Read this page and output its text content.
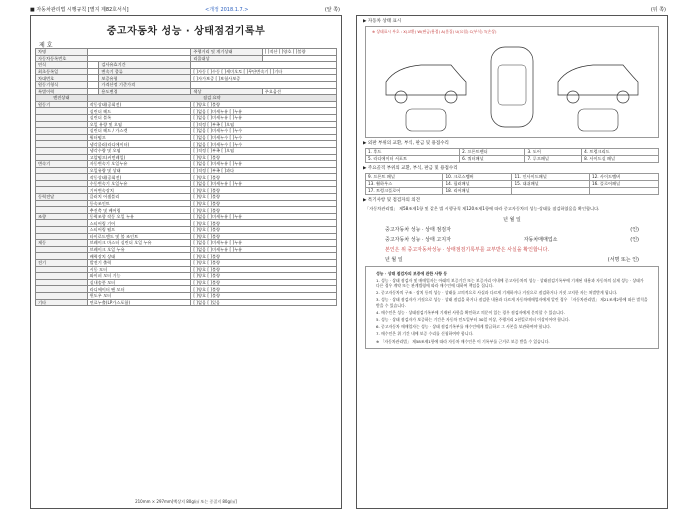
■ 자동차관리법 시행규칙 [별지 제82호서식]	<개정 2018.1.7.>	(앞 쪽)	(뒤 쪽)
중고자동차 성능 · 상태점검기록부
제 호
차명			주행거리 및 계기상태	[ ]적산 [ ]양호 [ ]불량
자동차등록번호			리콜대상	
연식		검사유효기간		
최초등록일		변속기 종류	[ ]자동 [ ]수동 [ ]세미오토 [ ]무단변속기 [ ]기타	
차대번호		보증유형	[ ]자가보증 [ ]보험사보증	
원동기형식		가격산정 기준가격		
특별이력		용도변경	색상	주요옵션
엔진상태	점검 요약			
원동기	작동상태(공회전)		[ ]양호 [ ]불량	
	실린더 헤드		[ ]없음 [ ]미세누유 [ ]누유	
	실린더 블록		[ ]없음 [ ]미세누유 [ ]누유	
	오일 유량 및 오염		[ ]적정 [ ]부족 [ ]오염	
	실린더 헤드 / 가스켓		[ ]없음 [ ]미세누수 [ ]누수	
	워터펌프		[ ]없음 [ ]미세누수 [ ]누수	
	냉각쿨러(라디에이터)		[ ]없음 [ ]미세누수 [ ]누수	
	냉각수량 및 오염		[ ]적정 [ ]부족 [ ]오염	
	고압펌프(커먼레일)		[ ]양호 [ ]불량	
변속기	자동변속기 오일누유		[ ]없음 [ ]미세누유 [ ]누유	
	오일유량 및 상태		[ ]적정 [ ]부족 [ ]과다	
	작동상태(공회전)		[ ]양호 [ ]불량	
	수동변속기 오일누유		[ ]없음 [ ]미세누유 [ ]누유	
	기어변속장치		[ ]양호 [ ]불량	
동력전달	클러치 어셈블리		[ ]양호 [ ]불량	
	등속조인트		[ ]양호 [ ]불량	
	추진축 및 베어링		[ ]양호 [ ]불량	
조향	동력조향 작동 오일 누유		[ ]없음 [ ]미세누유 [ ]누유	
	스티어링 기어		[ ]양호 [ ]불량	
	스티어링 펌프		[ ]양호 [ ]불량	
	타이로드엔드 및 볼 조인트		[ ]양호 [ ]불량	
제동	브레이크 마스터 실린더 오일 누유		[ ]없음 [ ]미세누유 [ ]누유	
	브레이크 오일 누유		[ ]없음 [ ]미세누유 [ ]누유	
	배력장치 상태		[ ]양호 [ ]불량	
전기	발전기 출력		[ ]양호 [ ]불량	
	시동 모터		[ ]양호 [ ]불량	
	와이퍼 모터 기능		[ ]양호 [ ]불량	
	실내송풍 모터		[ ]양호 [ ]불량	
	라디에이터 팬 모터		[ ]양호 [ ]불량	
	윈도우 모터		[ ]양호 [ ]불량	
기타	연료누출(LP가스포함)		[ ]없음 [ ]있음	
210mm × 297mm[백상지 80g/㎡ 또는 중질지 80g/㎡]
▶ 자동차 상태 표시
※ 상태표시 부호 : X(교환) W(판금/용접) A(흠집) U(요철) C(부식) T(손상)
▶ 외판 부위의 교환, 부식, 판금 및 용접수리
1. 후드	2. 프론트펜더	3. 도어	4. 트렁크리드
5. 라디에이터 서포트	6. 쿼터패널	7. 루프패널	8. 사이드실 패널
▶ 주요골격 부위의 교환, 부식, 판금 및 용접수리
9. 프론트 패널	10. 크로스멤버	11. 인사이드패널	12. 사이드멤버
13. 휠하우스	14. 필러패널	15. 대쉬패널	16. 플로어패널
17. 트렁크플로어	18. 리어패널		
▶ 특기사항 및 점검자의 의견
「자동차관리법」 제58조제1항 및 같은 법 시행규칙 제120조제1항에 따라 중고자동차의 성능·상태를 점검하였음을 확인합니다.
년 월 일
중고자동차 성능 · 상태 점검자	(인)
중고자동차 성능 · 상태 고지자	자동차매매업소	(인)
본인은 위 중고자동차성능 · 상태점검기록부를 교부받은 사실을 확인합니다.
년 월 일	(서명 또는 인)
성능 · 상태 점검자의 보증에 관한 사항 등
1. 성능 · 상태 점검자 및 매매업자는 아래의 보증기간 또는 보증거리 이내에 중고자동차의 성능 · 상태점검기록부에 기재된 내용과 자동차의 실제 성능 · 상태가 다른 경우 계약 또는 관계법령에 따라 매수인에 대하여 책임을 집니다.
2. 중고자동차의 구조 · 장치 등의 성능 · 상태를 고의적으로 사실과 다르게 기재하거나 거짓으로 점검하거나 거짓 고지한 자는 처벌받게 됩니다.
3. 성능 · 상태 점검자가 거짓으로 성능 · 상태 점검을 하거나 점검한 내용과 다르게 자동차매매업자에게 알린 경우 「자동차관리법」 제21조제2항에 따른 벌칙을 받을 수 있습니다.
4. 매수인은 성능 · 상태점검기록부에 기재된 사항을 확인하고 의문이 있는 경우 점검자에게 문의할 수 있습니다.
5. 성능 · 상태 점검자가 보증하는 기간은 자동차 인도일부터 30일 이상, 주행거리 2천킬로미터 이상이어야 합니다.
6. 중고자동차 매매업자는 성능 · 상태 점검기록부를 매수인에게 발급하고 그 사본을 보관하여야 합니다.
7. 매수인은 위 기간 내에 보증 수리를 신청하여야 합니다.
※ 「자동차관리법」 제58조제1항에 따라 자동차 매수인은 이 기록부를 근거로 보증 받을 수 있습니다.
